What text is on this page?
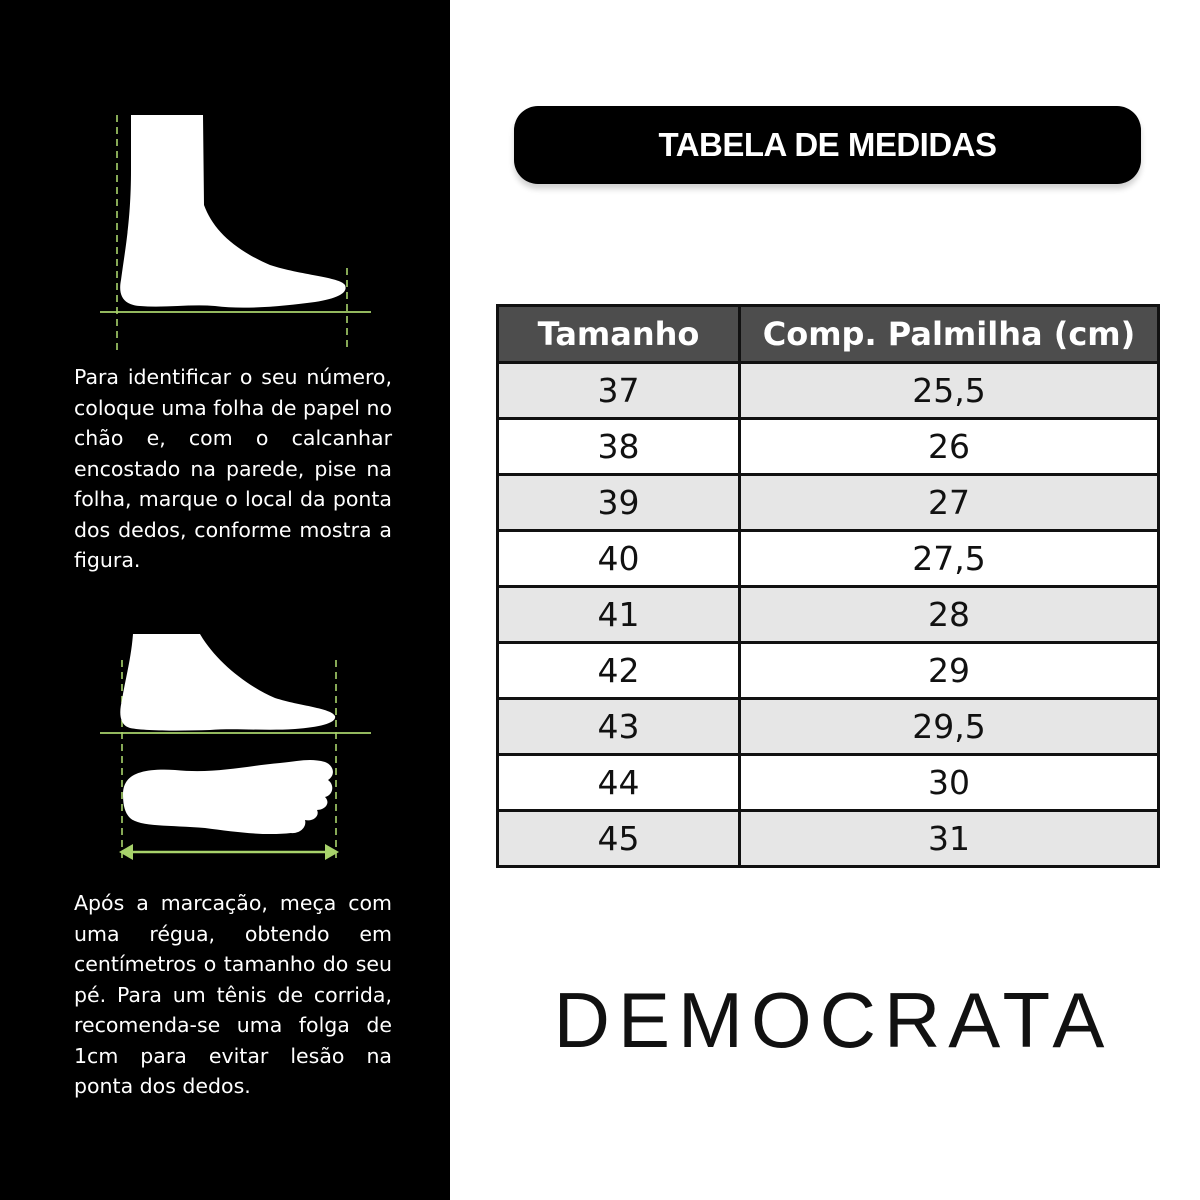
Para identificar o seu número, coloque uma folha de papel no chão e, com o calcanhar encostado na parede, pise na folha, marque o local da ponta dos dedos, conforme mostra a figura.

Após a marcação, meça com uma régua, obtendo em centímetros o tamanho do seu pé. Para um tênis de corrida, recomenda-se uma folga de 1cm para evitar lesão na ponta dos dedos.

TABELA DE MEDIDAS
Tamanho	Comp. Palmilha (cm)
37	25,5
38	26
39	27
40	27,5
41	28
42	29
43	29,5
44	30
45	31
DEMOCRATA
